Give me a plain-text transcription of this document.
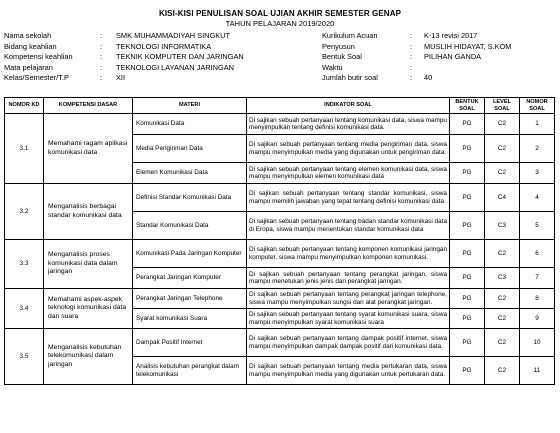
KISI-KISI PENULISAN SOAL UJIAN AKHIR SEMESTER GENAP
TAHUN PELAJARAN 2019/2020
Nama sekolah	:	SMK MUHAMMADIYAH SINGKUT
Bidang keahlian	:	TEKNOLOGI INFORMATIKA
Kompetensi keahlian	:	TEKNIK KOMPUTER DAN JARINGAN
Mata pelajaran	:	TEKNOLOGI LAYANAN JARINGAN
Kelas/Semester/T.P	:	XII
Kurikulum Acuan	:	K-13 revisi 2017
Penyusun	:	MUSLIH HIDAYAT, S.KOM
Bentuk Soal	:	PILIHAN GANDA
Waktu	:
Jumlah butir soal	:	40
NOMOR KD	KOMPETENSI DASAR	MATERI	INDIKATOR SOAL	BENTUK SOAL	LEVEL SOAL	NOMOR SOAL
3.1	Memahami ragam apilkasi komunikasi data	Komunikasi Data	Di sajikan sebuah pertanyaan tentang komunikasi data, siswa mampu menyimpulkan tentang definisi komunikasi data.	PG	C2	1
		Media Pengiriman Data	Di sajikan sebuah pertanyaan tentang media pengiriman data, siswa mampu menyimpulkan media yang digunakan untuk pengiriman data.	PG	C2	2
		Elemen Komunikasi Data	Di sajikan sebuah pertanyaan tentang elemen komunikasi data, siswa mampu menyimpulkan elemen komunikasi data	PG	C2	3
3.2	Menganalisis berbagai standar komunikasi data	Definisi Standar Komunikasi Data	Di sajikan sebuah pertanyaan tentang standar komunikasi, siswa mampu memilih jawaban yang tepat tentang definisi komunikasi data	PG	C4	4
		Standar Komunikasi Data	Di sajikan sebuah pertanyaan tentang badan standar komunikasi data di Eropa, siswa mampu menentukan standar komunikasi data	PG	C3	5
3.3	Menganalisis proses komunikasi data dalam jaringan	Komunikasi Pada Jaringan Komputer	Di sajikan sebuah pertanyaan tentang komponen komunikasi jaringan komputer, siswa mampu menyimpulkan komponen komunikasi.	PG	C2	6
		Perangkat Jaringan Komputer	Di sajikan sebuah pertanyaan tentang perangkat jaringan, siswa mampu menetukan jenis jenis dari perangkat jaringan.	PG	C3	7
3.4	Memahami aspek-aspek teknologi komunikasi data dan suara	Perangkat Jaringan Telephone	Di sajikan sebuah pertanyaan tentang perangkat jaringan telephone, siswa mampu menyimpulkan sungsi dari alat perangkat jaringan.	PG	C2	8
		Syarat komunikasi Suara	Di sajikan sebuah pertanyaan tentang syarat komunikasi suara, siswa mampu menyimpulkan syarat komunikasi suara	PG	C2	9
3.5	Menganalisis kebutuhan telekomunikasi dalam jaringan	Dampak Positif Internet	Di sajikan sebuah pertanyaan tentang dampak positif internet, siswa mampu menyimpulkan dampak dampak positif dari komunikasi data.	PG	C2	10
		Analisis kebutuhan perangkat dalam telekomunikasi	Di sajikan sebuah pertanyaan tentang media pertukaran data, siswa mampu menyimpulkan media yang digunakan untuk pertukaran data.	PG	C2	11
